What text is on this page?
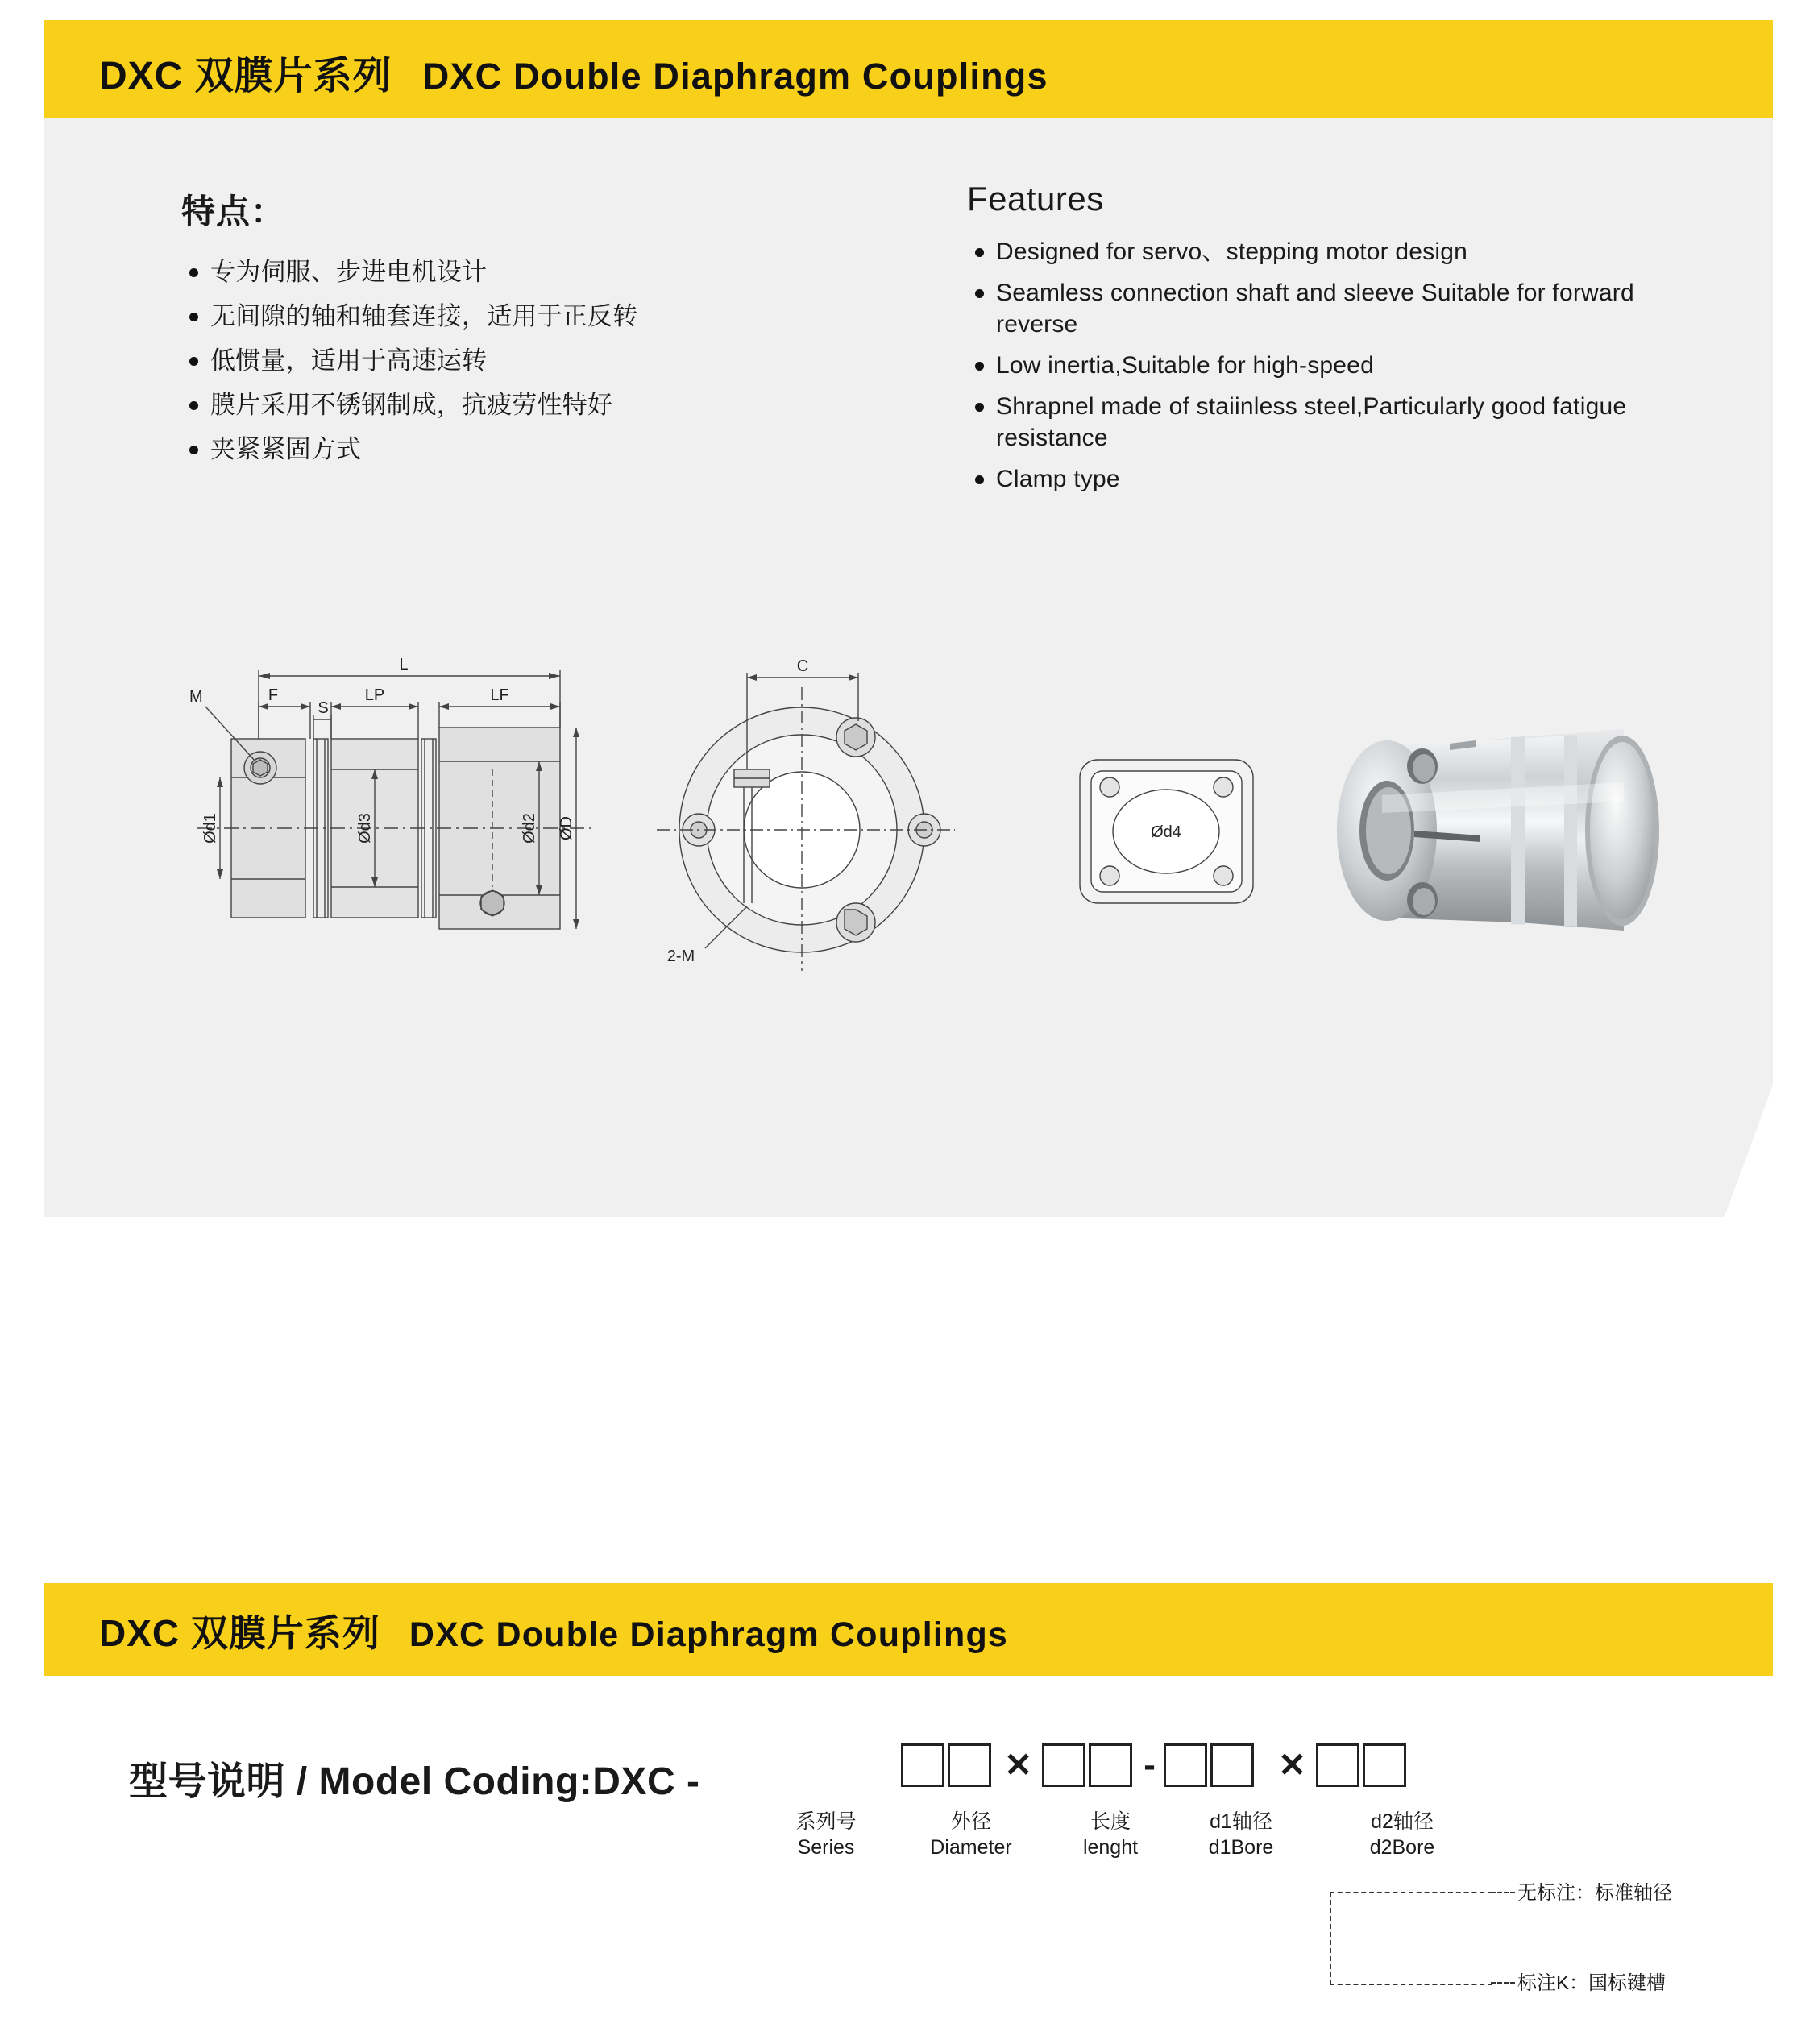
DXC 双膜片系列 DXC Double Diaphragm Couplings
特点：
专为伺服、步进电机设计
无间隙的轴和轴套连接，适用于正反转
低惯量，适用于高速运转
膜片采用不锈钢制成，抗疲劳性特好
夹紧紧固方式
Features
Designed for servo、stepping motor design
Seamless connection shaft and sleeve Suitable for forward reverse
Low inertia,Suitable for high-speed
Shrapnel made of staiinless steel,Particularly good fatigue resistance
Clamp type
M
L
F
S
LP	LF
Ød1	Ød3	Ød2 ØD
C
2-M
Ød4
DXC 双膜片系列 DXC Double Diaphragm Couplings
型号说明 / Model Coding:DXC -	✕	-	✕
系列号
Series
外径
Diameter
长度
lenght
d1轴径
d1Bore
d2轴径
d2Bore
无标注：标准轴径
标注K：国标键槽
